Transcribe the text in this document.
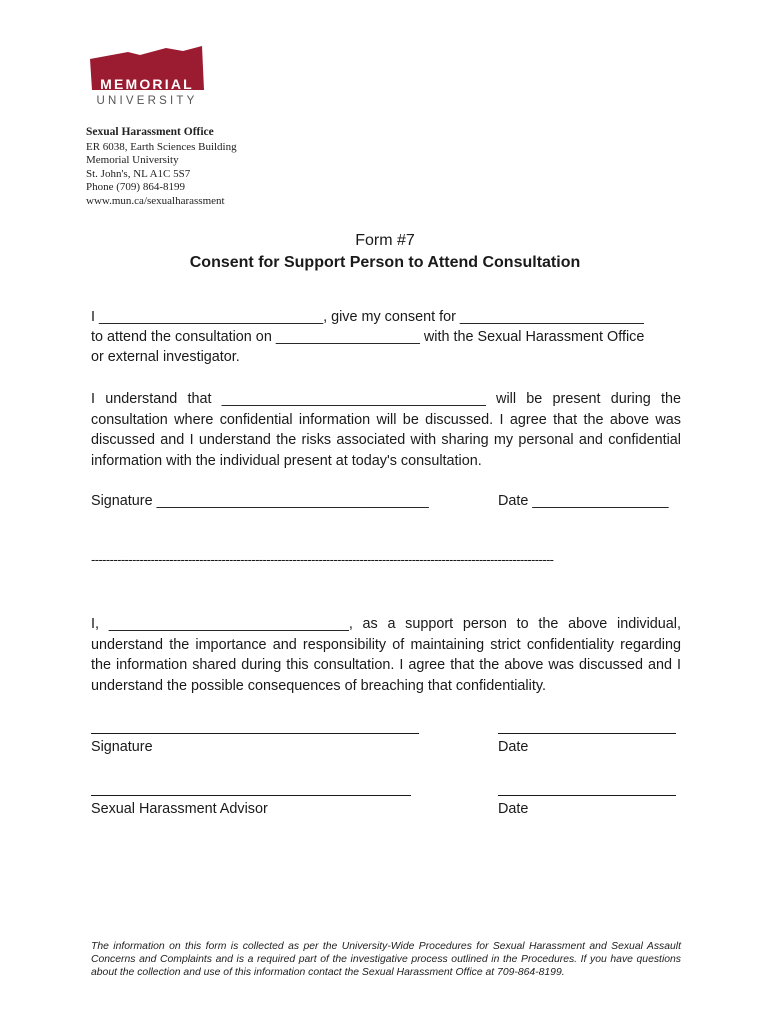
MEMORIAL
UNIVERSITY
Sexual Harassment Office
ER 6038, Earth Sciences Building
Memorial University
St. John's, NL A1C 5S7
Phone (709) 864-8199
www.mun.ca/sexualharassment
Form #7
Consent for Support Person to Attend Consultation
I ____________________________, give my consent for _______________________
to attend the consultation on __________________ with the Sexual Harassment Office
or external investigator.
I understand that _________________________________ will be present during the consultation where confidential information will be discussed. I agree that the above was discussed and I understand the risks associated with sharing my personal and confidential information with the individual present at today's consultation.
Signature __________________________________	Date _________________
----------------------------------------------------------------------------------------------------------------------------
I, ______________________________, as a support person to the above individual, understand the importance and responsibility of maintaining strict confidentiality regarding the information shared during this consultation. I agree that the above was discussed and I understand the possible consequences of breaching that confidentiality.
Signature	Date
Sexual Harassment Advisor	Date
The information on this form is collected as per the University-Wide Procedures for Sexual Harassment and Sexual Assault Concerns and Complaints and is a required part of the investigative process outlined in the Procedures. If you have questions about the collection and use of this information contact the Sexual Harassment Office at 709-864-8199.
